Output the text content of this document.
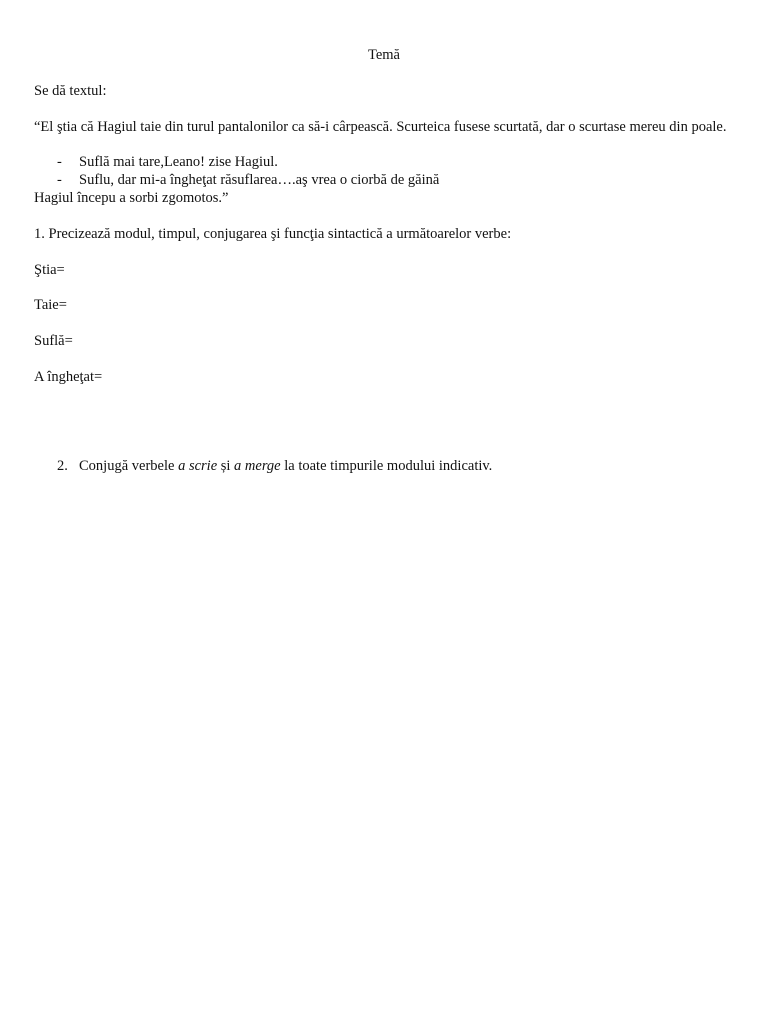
Temă

Se dă textul:

“El ştia că Hagiul taie din turul pantalonilor ca să-i cârpească. Scurteica fusese scurtată, dar o scurtase mereu din poale.

- Suflă mai tare,Leano! zise Hagiul.
- Suflu, dar mi-a îngheţat răsuflarea….aş vrea o ciorbă de găină

Hagiul începu a sorbi zgomotos.”

1. Precizează modul, timpul, conjugarea şi funcţia sintactică a următoarelor verbe:

Ştia=

Taie=

Suflă=

A îngheţat=

2. Conjugă verbele a scrie și a merge la toate timpurile modului indicativ.
